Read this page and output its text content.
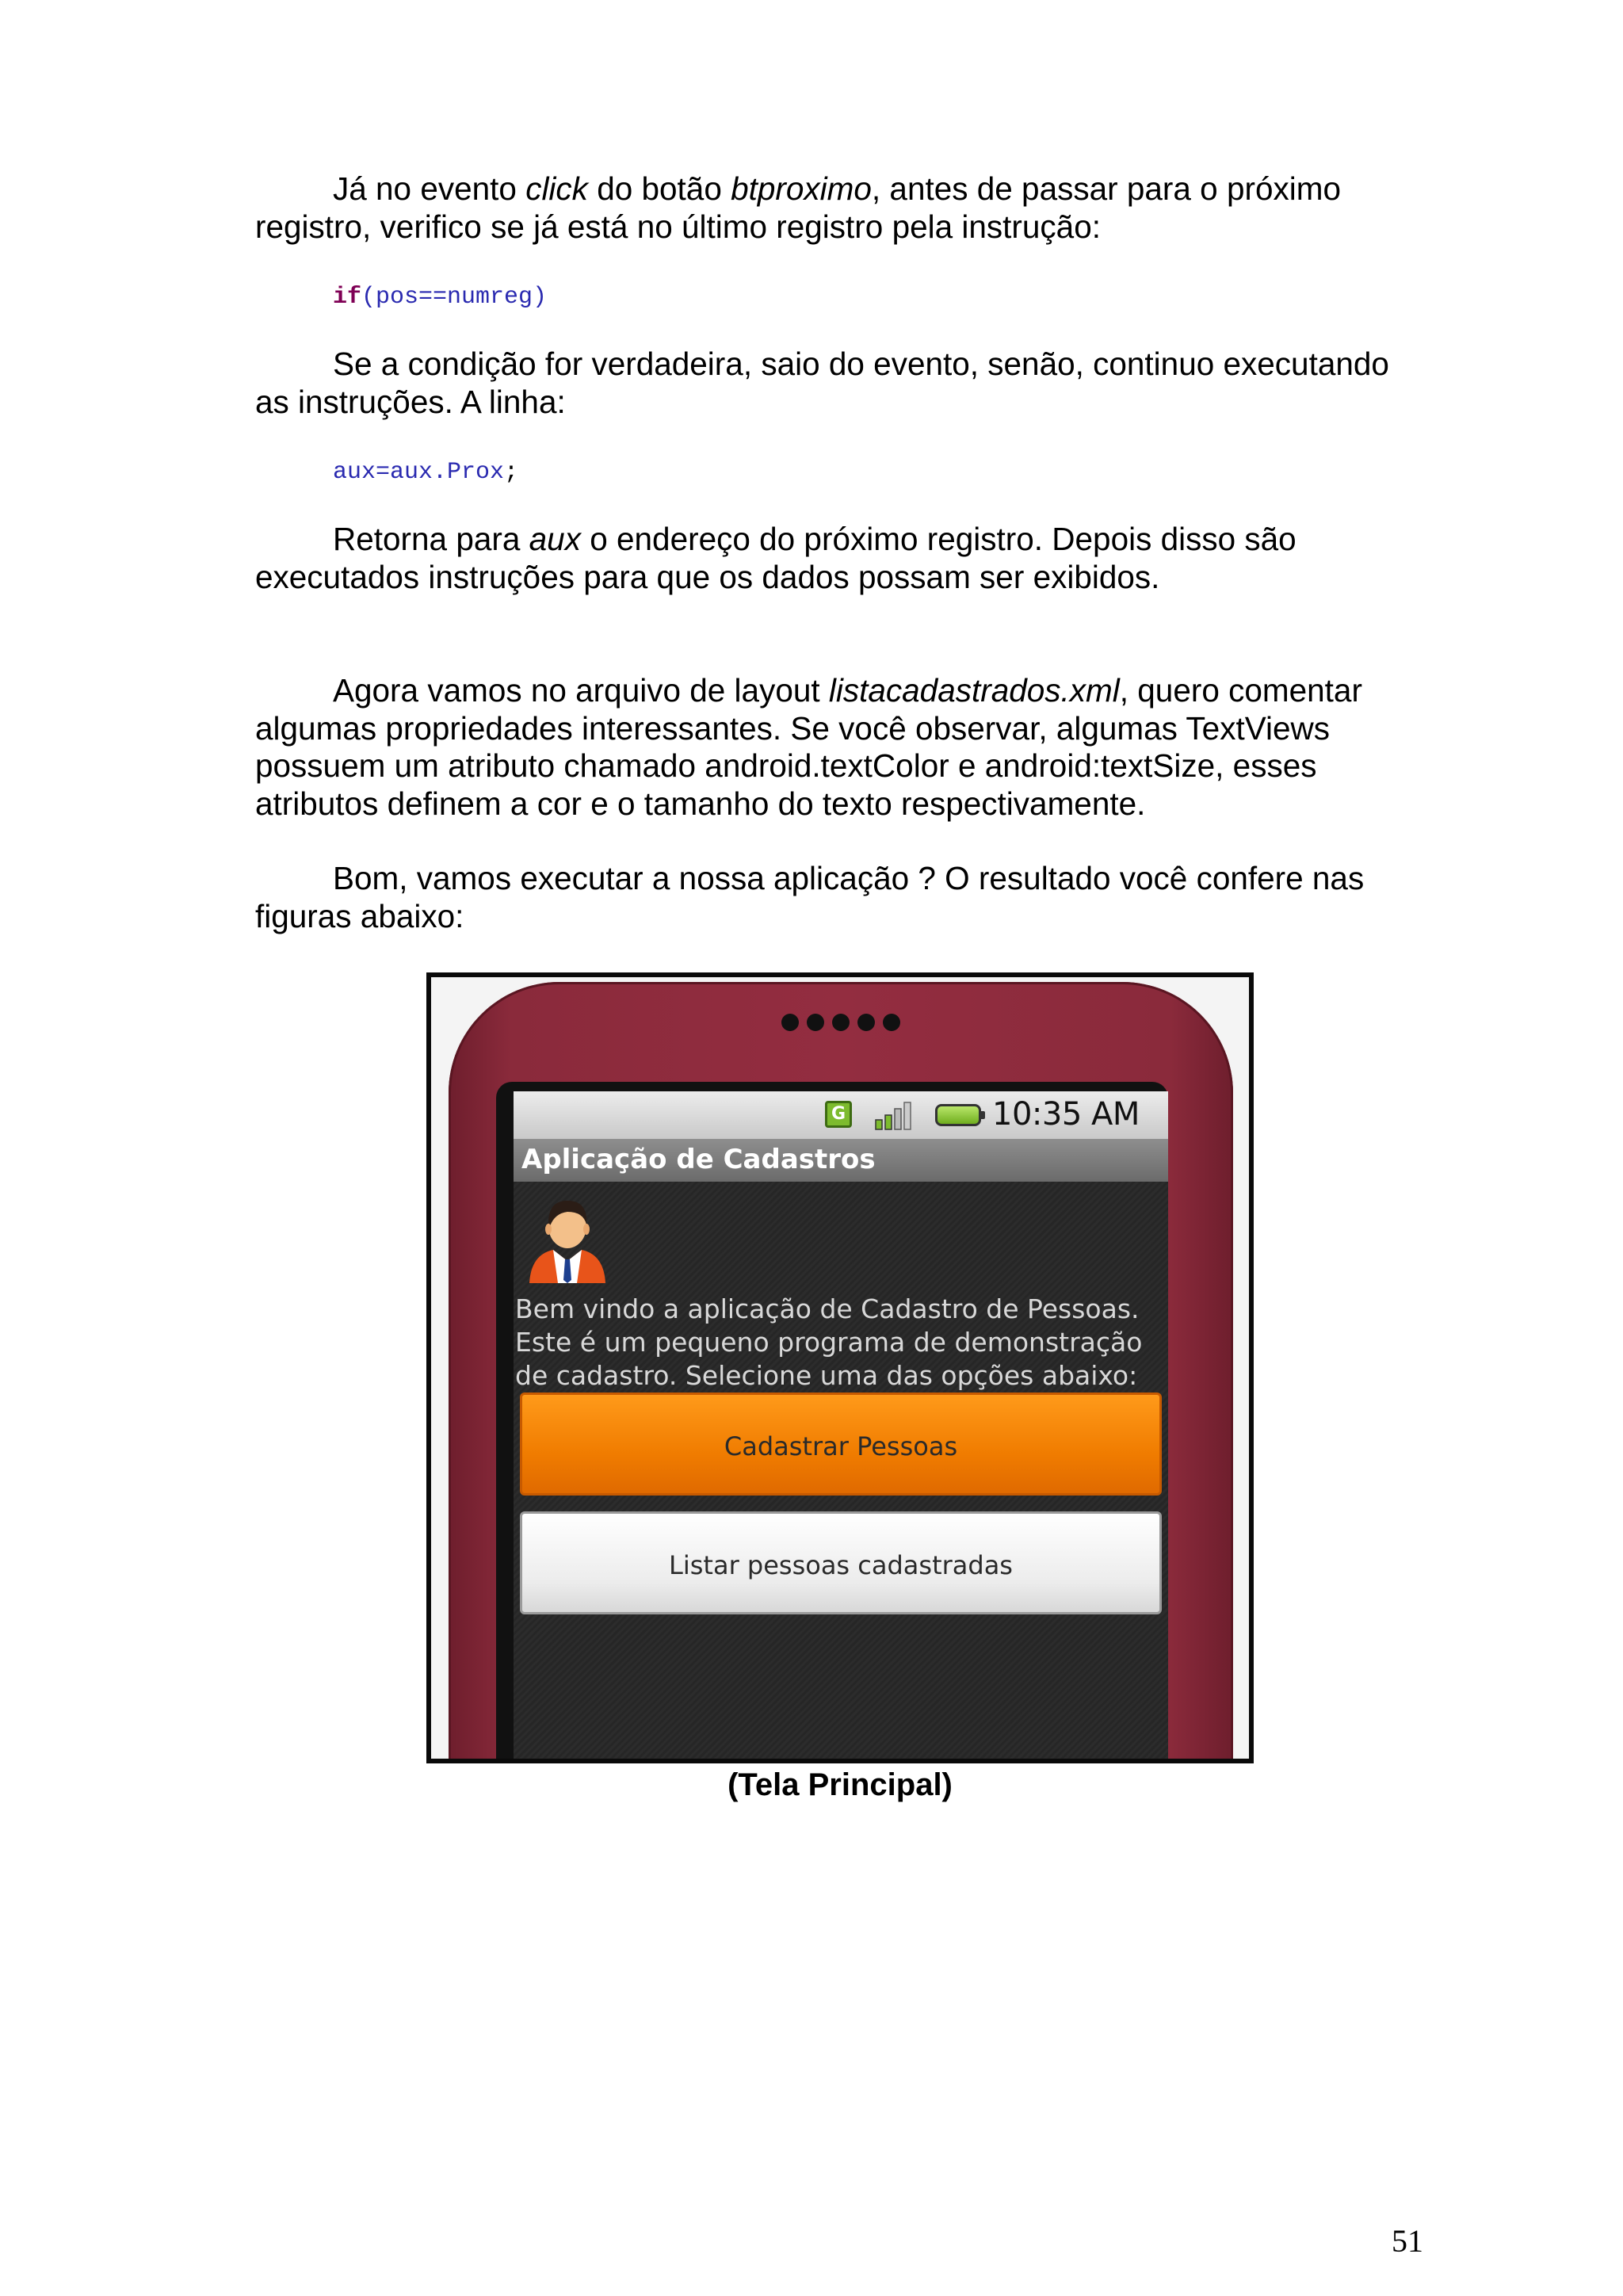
Já no evento click do botão btproximo, antes de passar para o próximo
registro, verifico se já está no último registro pela instrução:

if(pos==numreg)

Se a condição for verdadeira, saio do evento, senão, continuo executando
as instruções. A linha:

aux=aux.Prox;

Retorna para aux o endereço do próximo registro. Depois disso são
executados instruções para que os dados possam ser exibidos.

Agora vamos no arquivo de layout listacadastrados.xml, quero comentar
algumas propriedades interessantes. Se você observar, algumas TextViews
possuem um atributo chamado android.textColor e android:textSize, esses
atributos definem a cor e o tamanho do texto respectivamente.

Bom, vamos executar a nossa aplicação ? O resultado você confere nas
figuras abaixo:

G	10:35 AM
Aplicação de Cadastros
Bem vindo a aplicação de Cadastro de Pessoas.
Este é um pequeno programa de demonstração
de cadastro. Selecione uma das opções abaixo:
Cadastrar Pessoas
Listar pessoas cadastradas
(Tela Principal)
51
